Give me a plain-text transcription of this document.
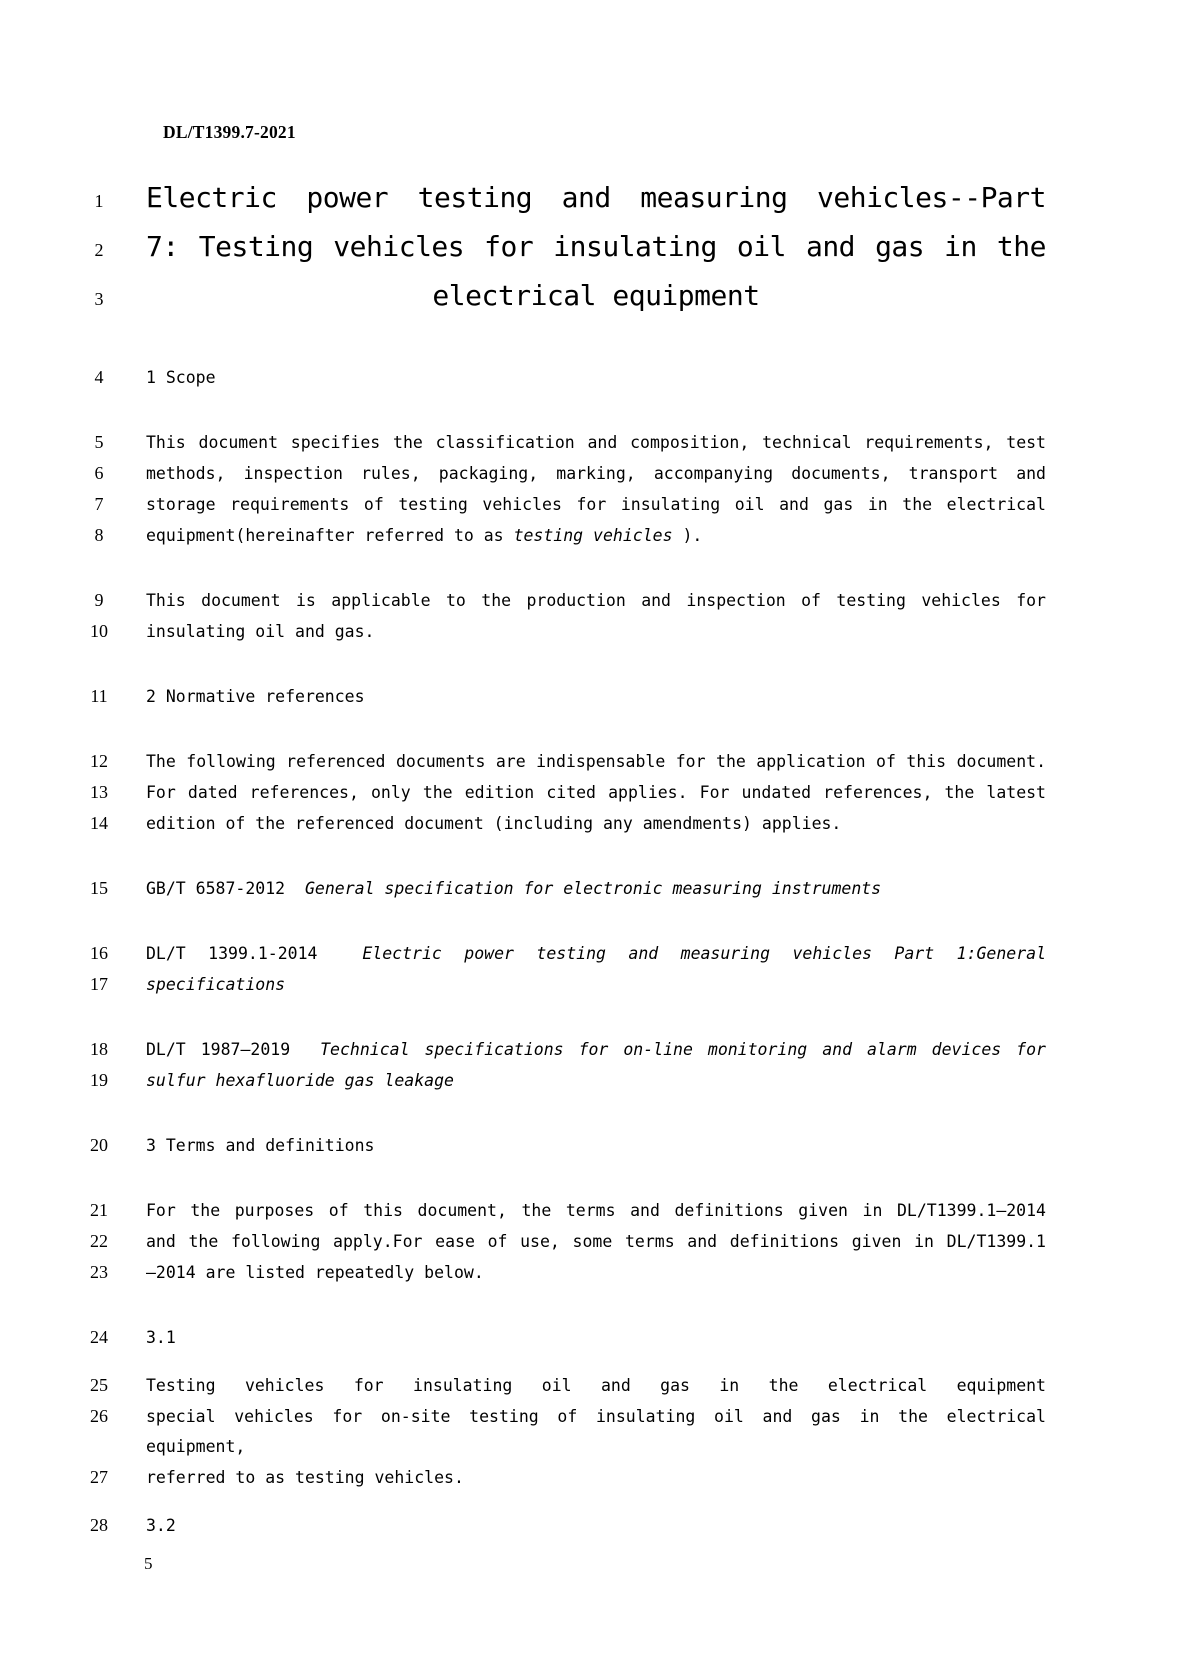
DL/T1399.7-2021
1	Electric power testing and measuring vehicles--Part
2	7: Testing vehicles for insulating oil and gas in the
3	electrical equipment
4	1 Scope
5	This document specifies the classification and composition, technical requirements, test
6	methods, inspection rules, packaging, marking, accompanying documents, transport and
7	storage requirements of testing vehicles for insulating oil and gas in the electrical
8	equipment(hereinafter referred to as testing vehicles ).
9	This document is applicable to the production and inspection of testing vehicles for
10	insulating oil and gas.
11	2 Normative references
12	The following referenced documents are indispensable for the application of this document.
13	For dated references, only the edition cited applies. For undated references, the latest
14	edition of the referenced document (including any amendments) applies.
15	GB/T 6587-2012  General specification for electronic measuring instruments
16	DL/T 1399.1-2014  Electric power testing and measuring vehicles Part 1:General
17	specifications
18	DL/T 1987—2019  Technical specifications for on-line monitoring and alarm devices for
19	sulfur hexafluoride gas leakage
20	3 Terms and definitions
21	For the purposes of this document, the terms and definitions given in DL/T1399.1—2014
22	and the following apply.For ease of use, some terms and definitions given in DL/T1399.1
23	—2014 are listed repeatedly below.
24	3.1
25	Testing vehicles for insulating oil and gas in the electrical equipment
26	special vehicles for on-site testing of insulating oil and gas in the electrical equipment,
27	referred to as testing vehicles.
28	3.2
5
